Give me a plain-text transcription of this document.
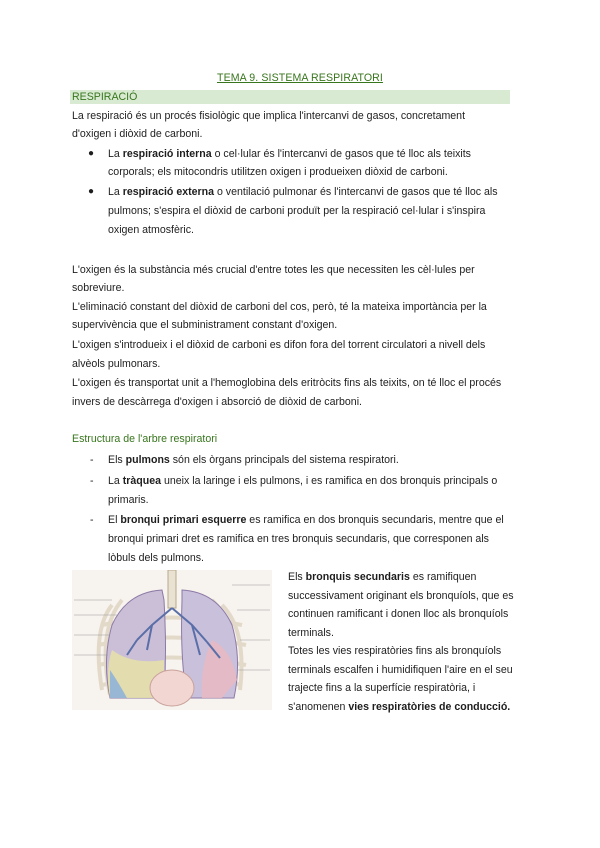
TEMA 9. SISTEMA RESPIRATORI
RESPIRACIÓ

La respiració és un procés fisiològic que implica l'intercanvi de gasos, concretament

d'oxigen i diòxid de carboni.

●	La respiració interna o cel·lular és l'intercanvi de gasos que té lloc als teixits
corporals; els mitocondris utilitzen oxigen i produeixen diòxid de carboni.
●	La respiració externa o ventilació pulmonar és l'intercanvi de gasos que té lloc als
pulmons; s'espira el diòxid de carboni produït per la respiració cel·lular i s'inspira
oxigen atmosfèric.

L'oxigen és la substància més crucial d'entre totes les que necessiten les cèl·lules per

sobreviure.

L'eliminació constant del diòxid de carboni del cos, però, té la mateixa importància per la

supervivència que el subministrament constant d'oxigen.

L'oxigen s'introdueix i el diòxid de carboni es difon fora del torrent circulatori a nivell dels

alvèols pulmonars.

L'oxigen és transportat unit a l'hemoglobina dels eritròcits fins als teixits, on té lloc el procés

invers de descàrrega d'oxigen i absorció de diòxid de carboni.

Estructura de l'arbre respiratori
-	Els pulmons són els òrgans principals del sistema respiratori.
-	La tràquea uneix la laringe i els pulmons, i es ramifica en dos bronquis principals o
primaris.
-	El bronqui primari esquerre es ramifica en dos bronquis secundaris, mentre que el
bronqui primari dret es ramifica en tres bronquis secundaris, que corresponen als
lòbuls dels pulmons.
Els bronquis secundaris es ramifiquen
successivament originant els bronquíols, que es
continuen ramificant i donen lloc als bronquíols
terminals.
Totes les vies respiratòries fins als bronquíols
terminals escalfen i humidifiquen l'aire en el seu
trajecte fins a la superfície respiratòria, i
s'anomenen vies respiratòries de conducció.
